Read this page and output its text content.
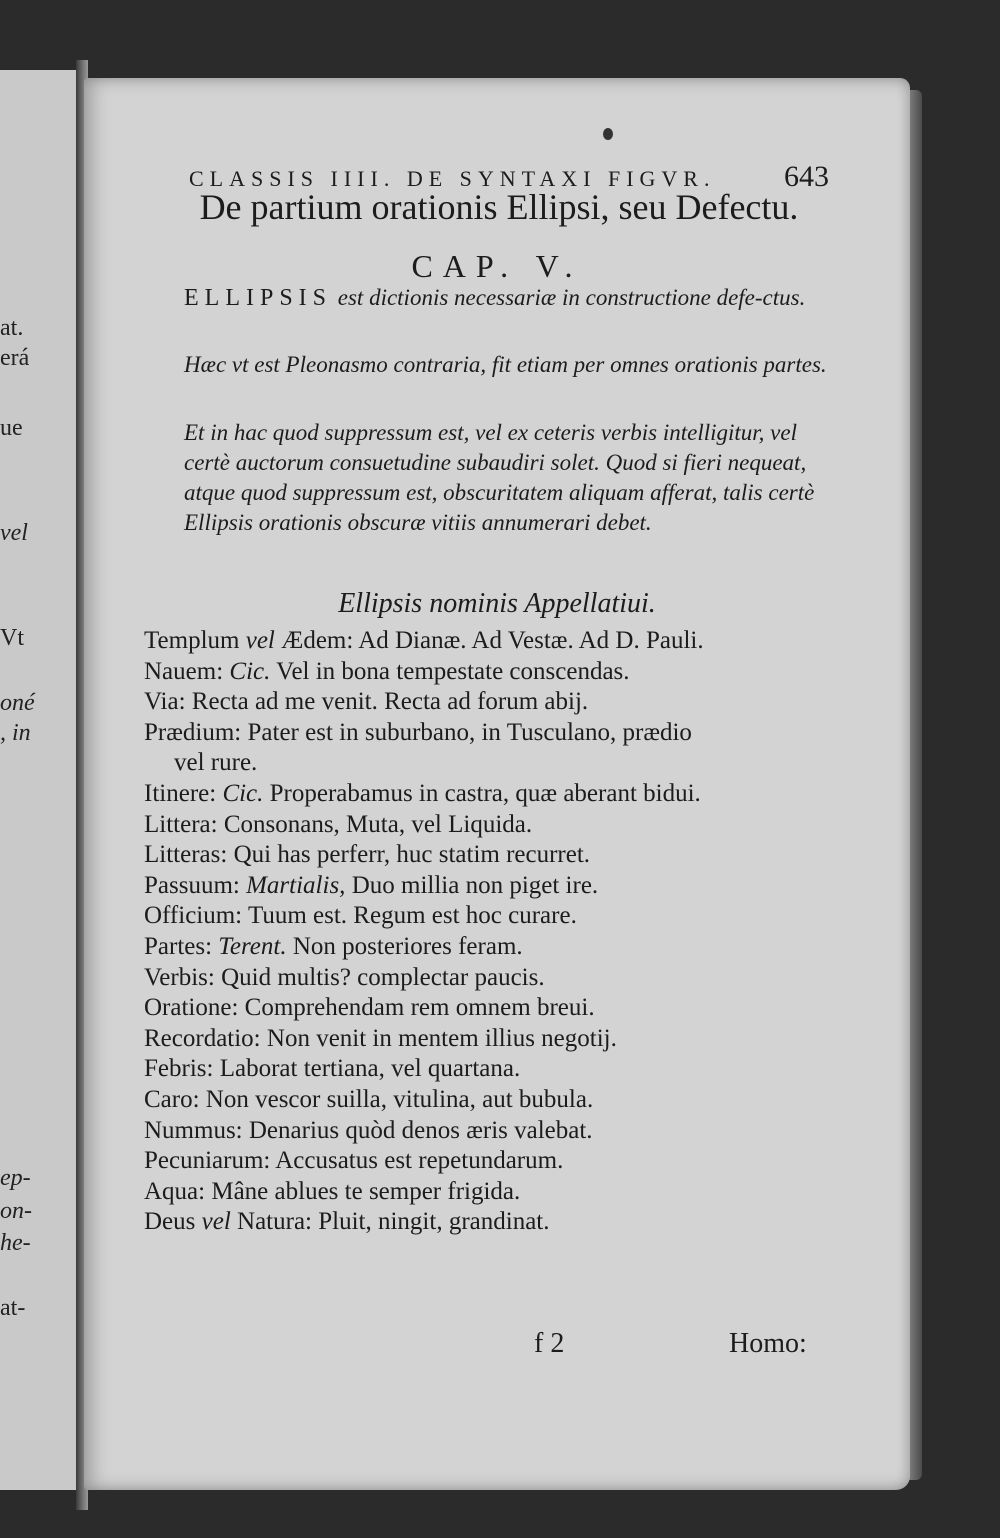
at.
erá
ue
vel
Vt
oné
, in
ep-
on-
he-
at-
CLASSIS IIII. DE SYNTAXI FIGVR. 643
De partium orationis Ellipsi, seu Defectu.
CAP. V.
ELLIPSIS est dictionis necessariæ in constructione defe-ctus.
Hæc vt est Pleonasmo contraria, fit etiam per omnes orationis partes.
Et in hac quod suppressum est, vel ex ceteris verbis intelligitur, vel certè auctorum consuetudine subaudiri solet. Quod si fieri nequeat, atque quod suppressum est, obscuritatem aliquam afferat, talis certè Ellipsis orationis obscuræ vitiis annumerari debet.
Ellipsis nominis Appellatiui.
Templum vel Ædem: Ad Dianæ. Ad Vestæ. Ad D. Pauli.
Nauem: Cic. Vel in bona tempestate conscendas.
Via: Recta ad me venit. Recta ad forum abij.
Prædium: Pater est in suburbano, in Tusculano, prædio
vel rure.
Itinere: Cic. Properabamus in castra, quæ aberant bidui.
Littera: Consonans, Muta, vel Liquida.
Litteras: Qui has perferr, huc statim recurret.
Passuum: Martialis, Duo millia non piget ire.
Officium: Tuum est. Regum est hoc curare.
Partes: Terent. Non posteriores feram.
Verbis: Quid multis? complectar paucis.
Oratione: Comprehendam rem omnem breui.
Recordatio: Non venit in mentem illius negotij.
Febris: Laborat tertiana, vel quartana.
Caro: Non vescor suilla, vitulina, aut bubula.
Nummus: Denarius quòd denos æris valebat.
Pecuniarum: Accusatus est repetundarum.
Aqua: Mâne ablues te semper frigida.
Deus vel Natura: Pluit, ningit, grandinat.
f 2	Homo:
